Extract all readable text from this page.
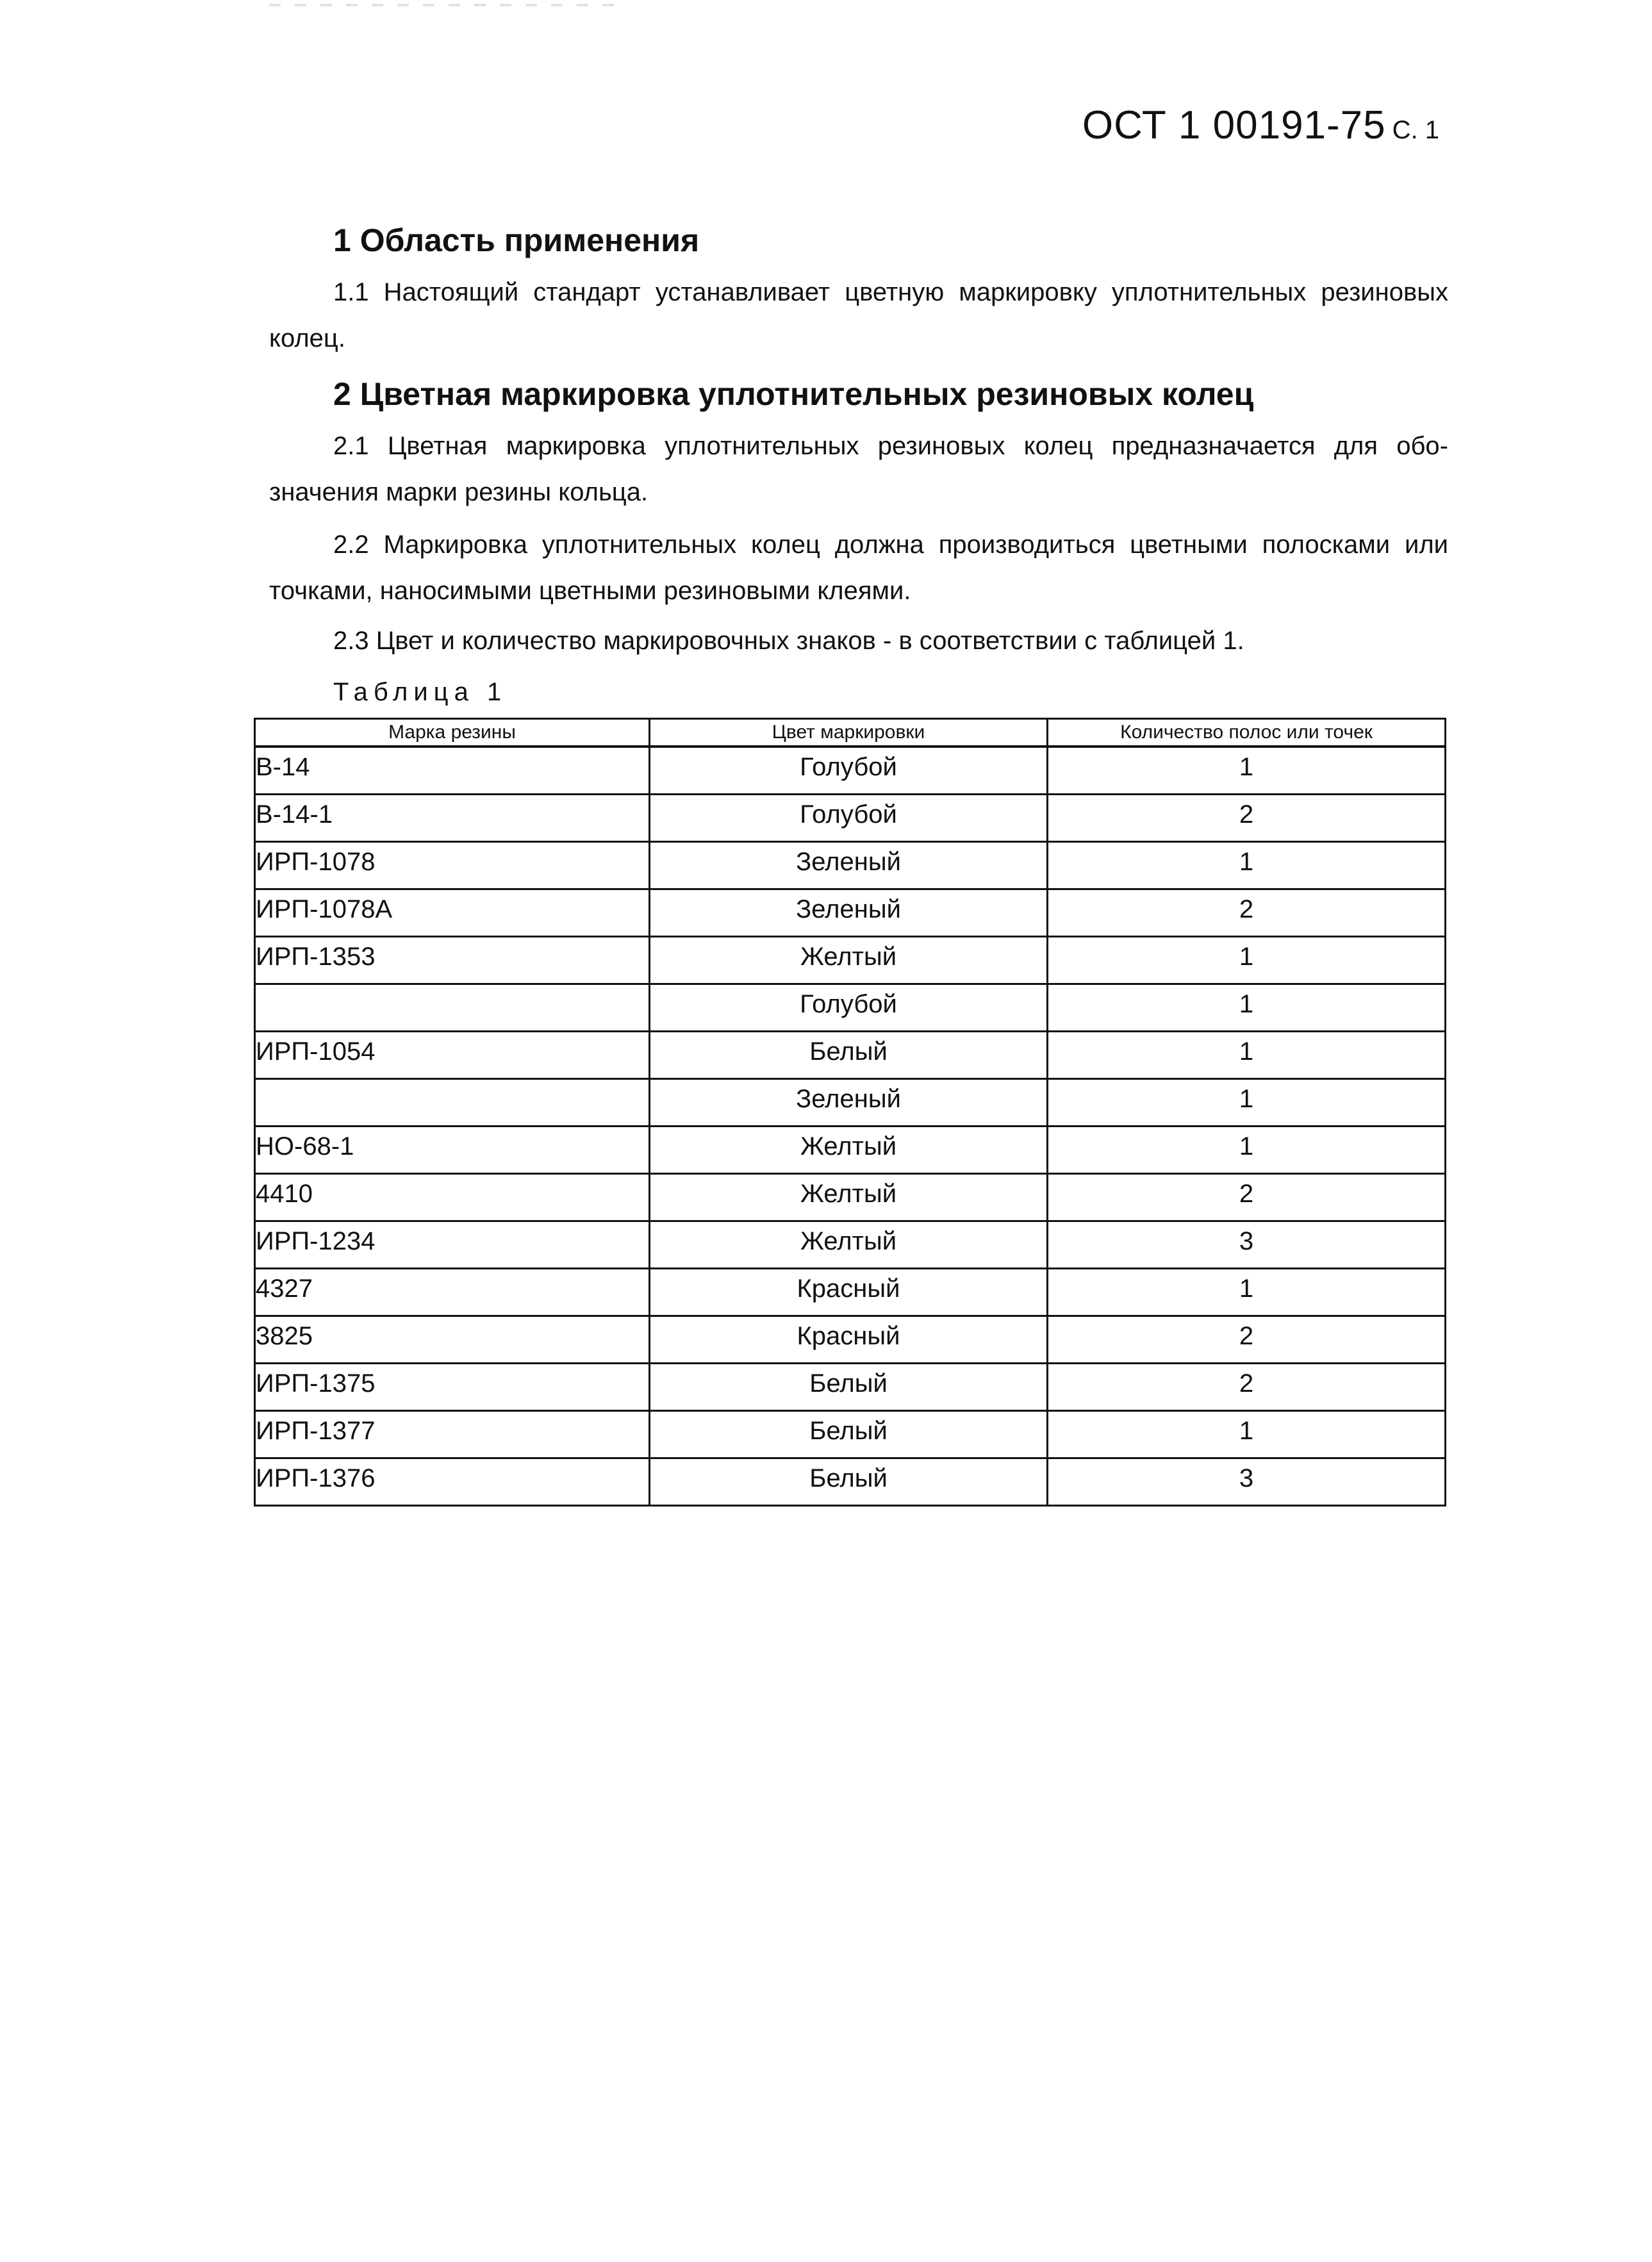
ОСТ 1 00191-75 С. 1
1 Область применения

1.1 Настоящий стандарт устанавливает цветную маркировку уплотнительных резиновых колец.

2 Цветная маркировка уплотнительных резиновых колец

2.1 Цветная маркировка уплотнительных резиновых колец предназначается для обо-значения марки резины кольца.

2.2 Маркировка уплотнительных колец должна производиться цветными полосками или точками, наносимыми цветными резиновыми клеями.

2.3 Цвет и количество маркировочных знаков - в соответствии с таблицей 1.

Таблица 1
Марка резины	Цвет маркировки	Количество полос или точек
В-14	Голубой	1
В-14-1	Голубой	2
ИРП-1078	Зеленый	1
ИРП-1078А	Зеленый	2
ИРП-1353	Желтый	1
	Голубой	1
ИРП-1054	Белый	1
	Зеленый	1
НО-68-1	Желтый	1
4410	Желтый	2
ИРП-1234	Желтый	3
4327	Красный	1
3825	Красный	2
ИРП-1375	Белый	2
ИРП-1377	Белый	1
ИРП-1376	Белый	3
